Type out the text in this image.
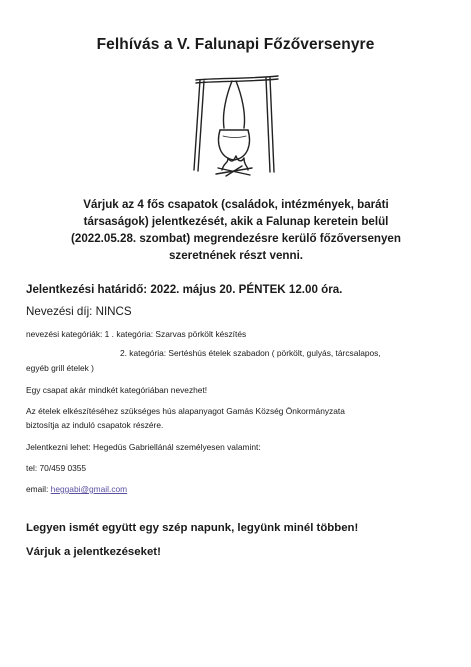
Felhívás a V. Falunapi Főzőversenyre
Várjuk az 4 fős csapatok (családok, intézmények, baráti
társaságok) jelentkezését, akik a Falunap keretein belül
(2022.05.28. szombat) megrendezésre kerülő főzőversenyen
szeretnének részt venni.
Jelentkezési határidő: 2022. május 20. PÉNTEK 12.00 óra.
Nevezési díj: NINCS
nevezési kategóriák: 1 . kategória: Szarvas pörkölt készítés
2. kategória: Sertéshús ételek szabadon ( pörkölt, gulyás, tárcsalapos,
egyéb grill ételek )
Egy csapat akár mindkét kategóriában nevezhet!
Az ételek elkészítéséhez szükséges hús alapanyagot Gamás Község Önkormányzata
biztosítja az induló csapatok részére.
Jelentkezni lehet: Hegedüs Gabriellánál személyesen valamint:
tel: 70/459 0355
email: heggabi@gmail.com
Legyen ismét együtt egy szép napunk, legyünk minél többen!
Várjuk a jelentkezéseket!
